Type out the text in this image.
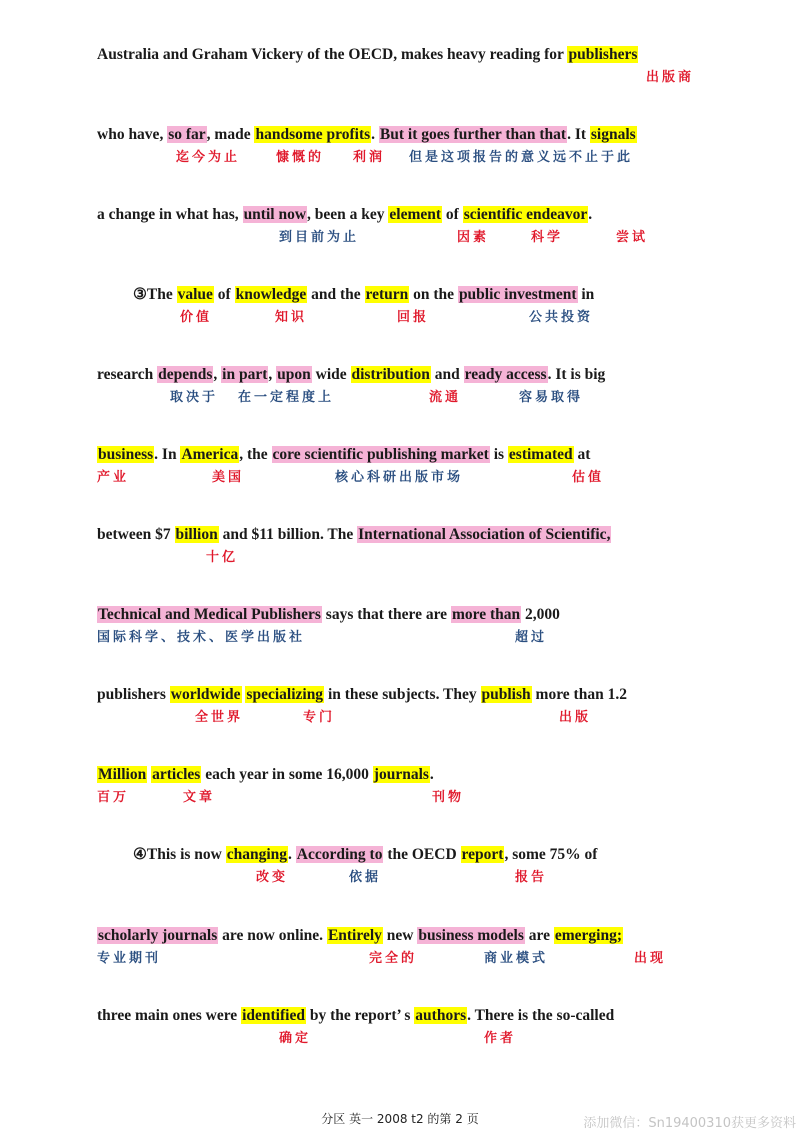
Australia and Graham Vickery of the OECD, makes heavy reading for publishers
出版商
who have, so far, made handsome profits. But it goes further than that. It signals
迄今为止	慷慨的 利润 但是这项报告的意义远不止于此
a change in what has, until now, been a key element of scientific endeavor.
到目前为止	因素	科学	尝试
③The value of knowledge and the return on the public investment in
价值	知识	回报	公共投资
research depends, in part, upon wide distribution and ready access. It is big
取决于 在一定程度上	流通	容易取得
business. In America, the core scientific publishing market is estimated at
产业	美国	核心科研出版市场	估值
between $7 billion and $11 billion. The International Association of Scientific,
十亿
Technical and Medical Publishers says that there are more than 2,000
国际科学、技术、医学出版社	超过
publishers worldwide specializing in these subjects. They publish more than 1.2
全世界	专门	出版
Million articles each year in some 16,000 journals.
百万	文章	刊物
④This is now changing. According to the OECD report, some 75% of
改变	依据	报告
scholarly journals are now online. Entirely new business models are emerging;
专业期刊	完全的	商业模式	出现
three main ones were identified by the report’ s authors. There is the so-called
确定	作者
分区 英一 2008 t2 的第 2 页	添加微信：Sn19400310获更多资料
